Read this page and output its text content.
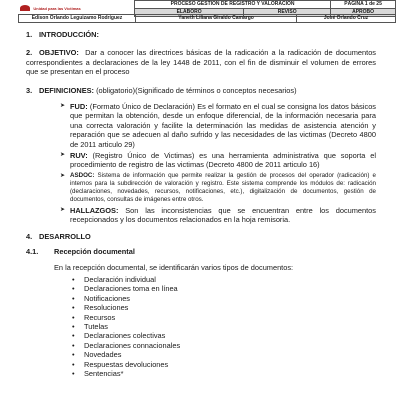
Unidad para las Víctimas	PROCESO GESTIÓN DE REGISTRO Y VALORACIÓN		PÁGINA 1 de 25
	ELABORÓ	REVISÓ	APROBÓ
Edison Orlando Leguizamo Rodríguez	Yaneth Liliana Giraldo Camargo	José Orlando Cruz

1. INTRODUCCIÓN:

2. OBJETIVO: Dar a conocer las directrices básicas de la radicación a la radicación de documentos correspondientes a declaraciones de la ley 1448 de 2011, con el fin de disminuir el volumen de errores que se presentan en el proceso

3. DEFINICIONES: (obligatorio)(Significado de términos o conceptos necesarios)

➤ FUD: (Formato Único de Declaración) Es el formato en el cual se consigna los datos básicos que permitan la obtención, desde un enfoque diferencial, de la información necesaria para una correcta valoración y facilite la determinación las medidas de asistencia atención y reparación que se adecuen al daño sufrido y las necesidades de las victimas (Decreto 4800 de 2011 articulo 29)
➤ RUV: (Registro Único de Victimas) es una herramienta administrativa que soporta el procedimiento de registro de las victimas (Decreto 4800 de 2011 articulo 16)
➤ ASDOC: Sistema de información que permite realizar la gestión de procesos del operador (radicación) e internos para la subdirección de valoración y registro. Este sistema comprende los módulos de: radicación (declaraciones, novedades, recursos, notificaciones, etc.), digitalización de documentos, gestión de documentos, consultas de imágenes entre otros.
➤ HALLAZGOS: Son las inconsistencias que se encuentran entre los documentos recepcionados y los documentos relacionados en la hoja remisoria.

4. DESARROLLO

4.1. Recepción documental

En la recepción documental, se identificarán varios tipos de documentos:

• Declaración individual
• Declaraciones toma en línea
• Notificaciones
• Resoluciones
• Recursos
• Tutelas
• Declaraciones colectivas
• Declaraciones connacionales
• Novedades
• Respuestas devoluciones
• Sentencias*
